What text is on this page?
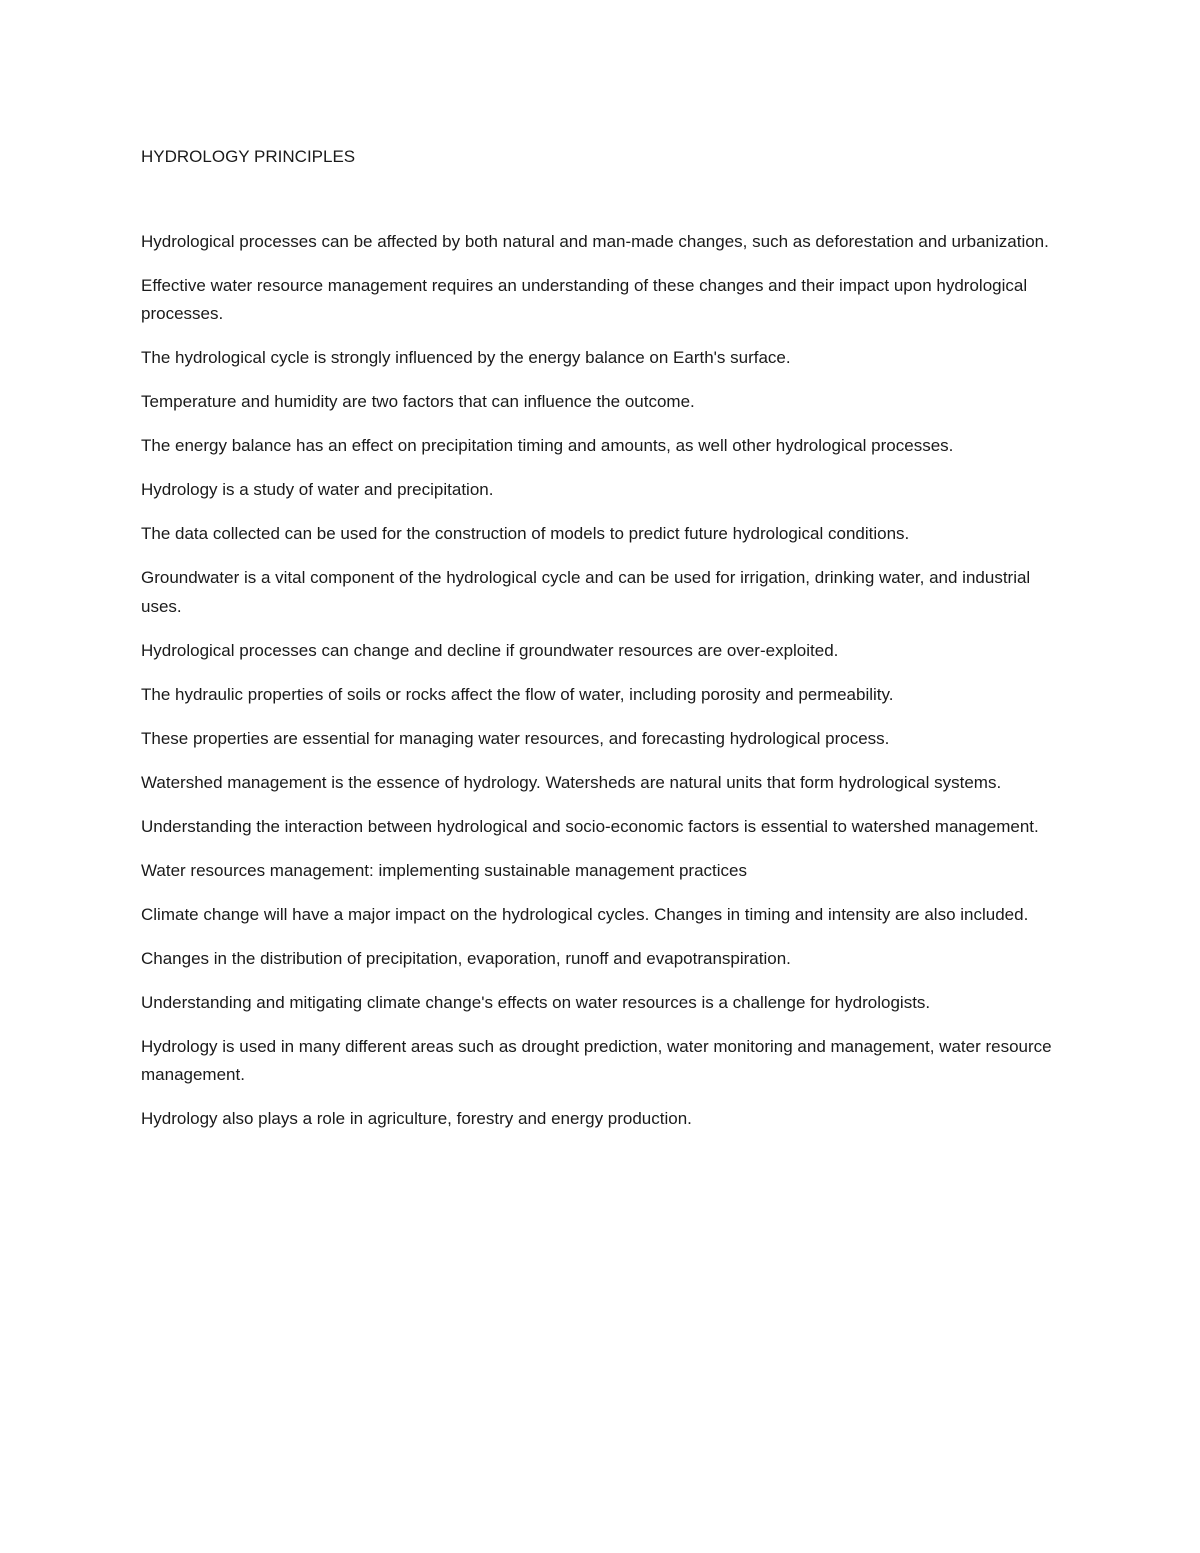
HYDROLOGY PRINCIPLES

Hydrological processes can be affected by both natural and man-made changes, such as deforestation and urbanization.

Effective water resource management requires an understanding of these changes and their impact upon hydrological processes.

The hydrological cycle is strongly influenced by the energy balance on Earth's surface.

Temperature and humidity are two factors that can influence the outcome.

The energy balance has an effect on precipitation timing and amounts, as well other hydrological processes.

Hydrology is a study of water and precipitation.

The data collected can be used for the construction of models to predict future hydrological conditions.

Groundwater is a vital component of the hydrological cycle and can be used for irrigation, drinking water, and industrial uses.

Hydrological processes can change and decline if groundwater resources are over-exploited.

The hydraulic properties of soils or rocks affect the flow of water, including porosity and permeability.

These properties are essential for managing water resources, and forecasting hydrological process.

Watershed management is the essence of hydrology. Watersheds are natural units that form hydrological systems.

Understanding the interaction between hydrological and socio-economic factors is essential to watershed management.

Water resources management: implementing sustainable management practices

Climate change will have a major impact on the hydrological cycles. Changes in timing and intensity are also included.

Changes in the distribution of precipitation, evaporation, runoff and evapotranspiration.

Understanding and mitigating climate change's effects on water resources is a challenge for hydrologists.

Hydrology is used in many different areas such as drought prediction, water monitoring and management, water resource management.

Hydrology also plays a role in agriculture, forestry and energy production.
